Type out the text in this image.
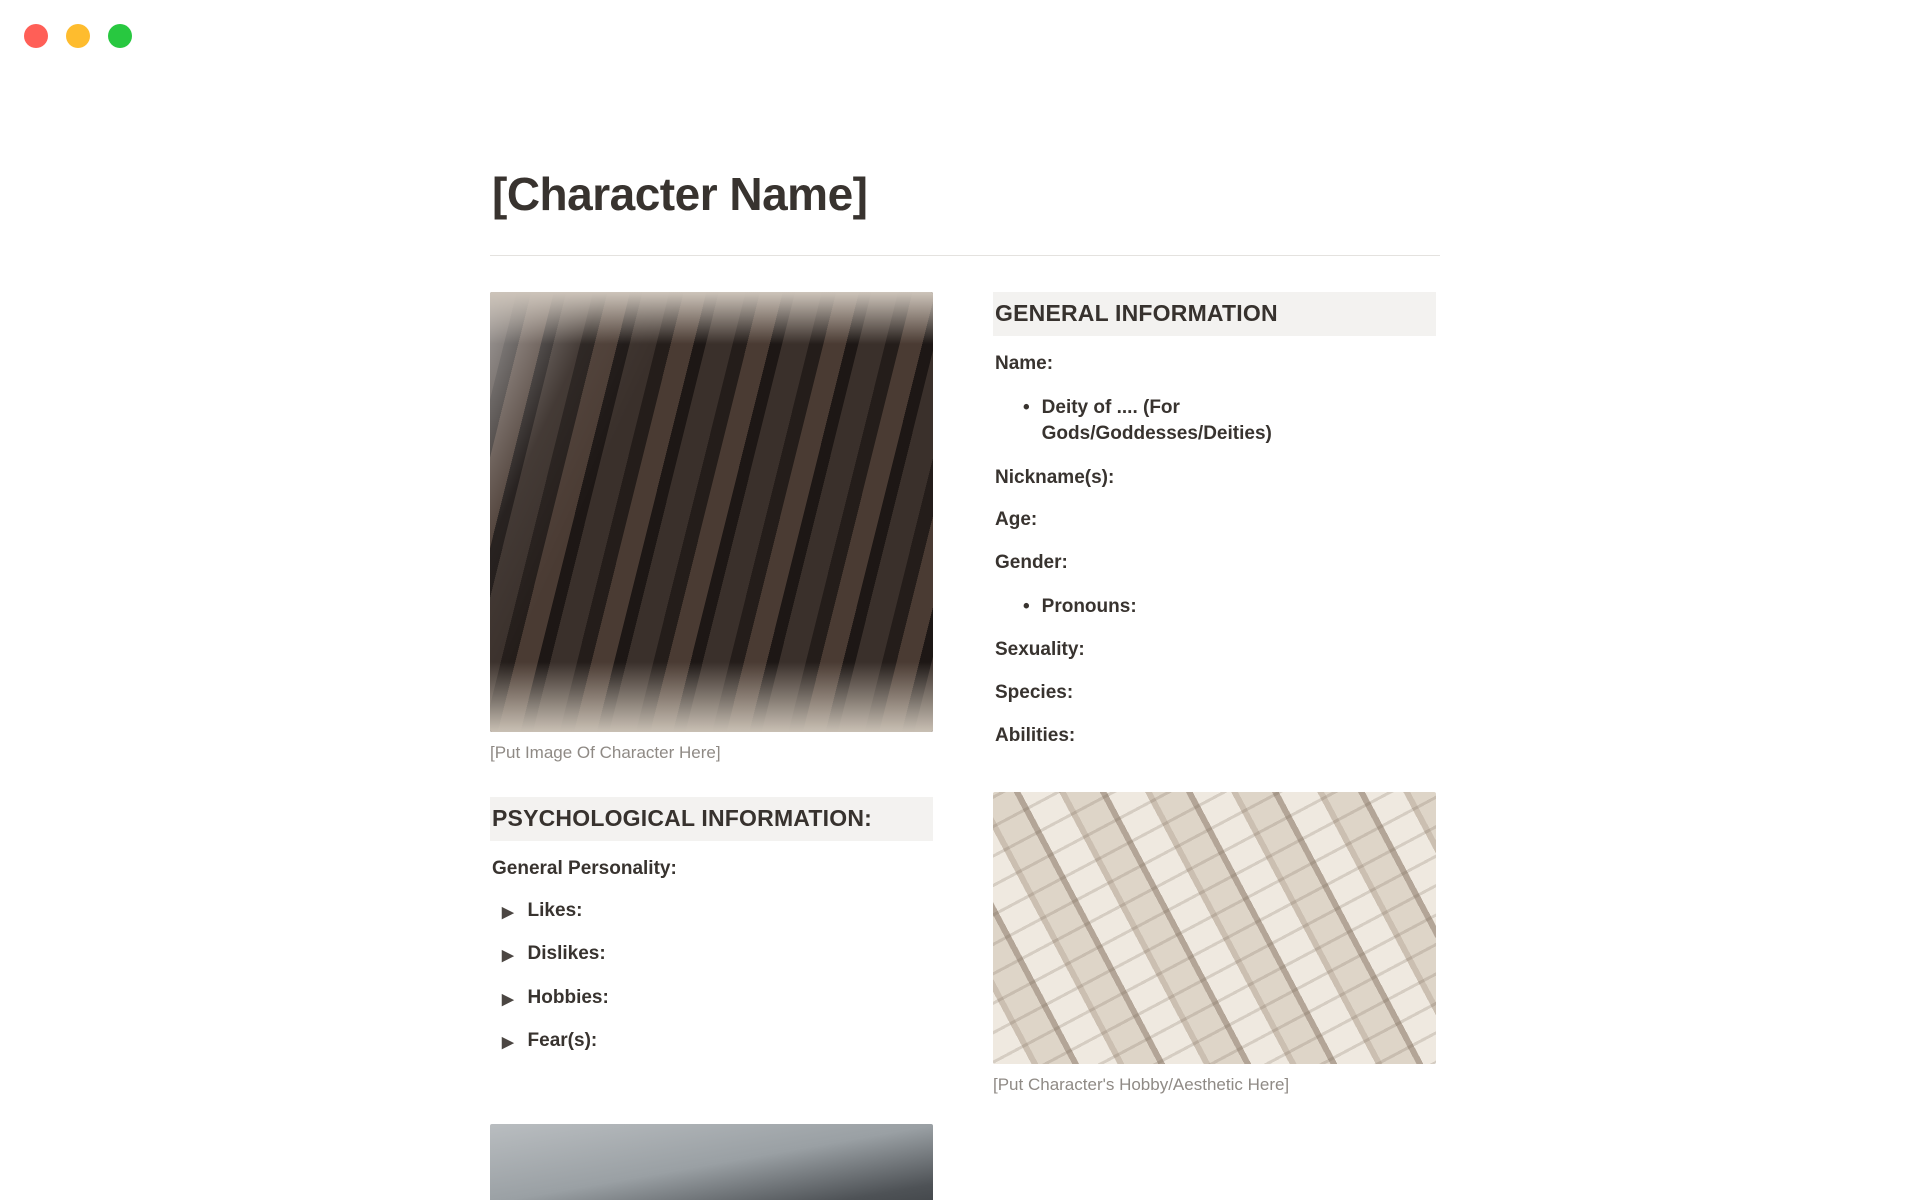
[Character Name]
[Put Image Of Character Here]
PSYCHOLOGICAL INFORMATION:
General Personality:
▶ Likes:
▶ Dislikes:
▶ Hobbies:
▶ Fear(s):
GENERAL INFORMATION
Name:
• Deity of .... (For Gods/Goddesses/Deities)
Nickname(s):
Age:
Gender:
• Pronouns:
Sexuality:
Species:
Abilities:
[Put Character's Hobby/Aesthetic Here]
